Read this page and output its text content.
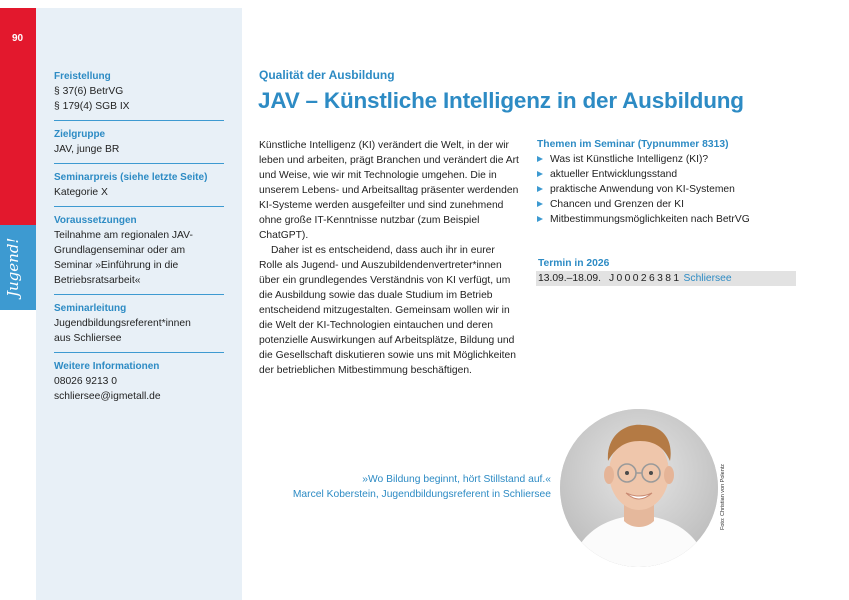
90
Jugend!
Freistellung
§ 37(6) BetrVG
§ 179(4) SGB IX
Zielgruppe
JAV, junge BR
Seminarpreis (siehe letzte Seite)
Kategorie X
Voraussetzungen
Teilnahme am regionalen JAV-
Grundlagenseminar oder am
Seminar »Einführung in die
Betriebsratsarbeit«
Seminarleitung
Jugendbildungsreferent*innen
aus Schliersee
Weitere Informationen
08026 9213 0
schliersee@igmetall.de
Qualität der Ausbildung
JAV – Künstliche Intelligenz in der Ausbildung

Künstliche Intelligenz (KI) verändert die Welt, in der wir leben und arbeiten, prägt Branchen und verändert die Art und Weise, wie wir mit Technologie umgehen. Die in unserem Lebens- und Arbeitsalltag präsenter werdenden KI-Systeme werden ausgefeilter und sind zunehmend ohne große IT-Kenntnisse nutzbar (zum Beispiel ChatGPT).

Daher ist es entscheidend, dass auch ihr in eurer Rolle als Jugend- und Auszubildendenvertreter*innen über ein grundlegendes Verständnis von KI verfügt, um die Ausbildung sowie das duale Studium im Betrieb entscheidend mitzugestalten. Gemeinsam wollen wir in die Welt der KI-Technologien eintauchen und deren potenzielle Auswirkungen auf Arbeitsplätze, Bildung und die Gesellschaft diskutieren sowie uns mit Möglichkeiten der betrieblichen Mitbestimmung beschäftigen.

Themen im Seminar (Typnummer 8313)
Was ist Künstliche Intelligenz (KI)?
aktueller Entwicklungsstand
praktische Anwendung von KI-Systemen
Chancen und Grenzen der KI
Mitbestimmungsmöglichkeiten nach BetrVG
Termin in 2026
13.09.–18.09. J00026381 Schliersee
»Wo Bildung beginnt, hört Stillstand auf.«
Marcel Koberstein, Jugendbildungsreferent in Schliersee	Foto: Christian von Polentz
